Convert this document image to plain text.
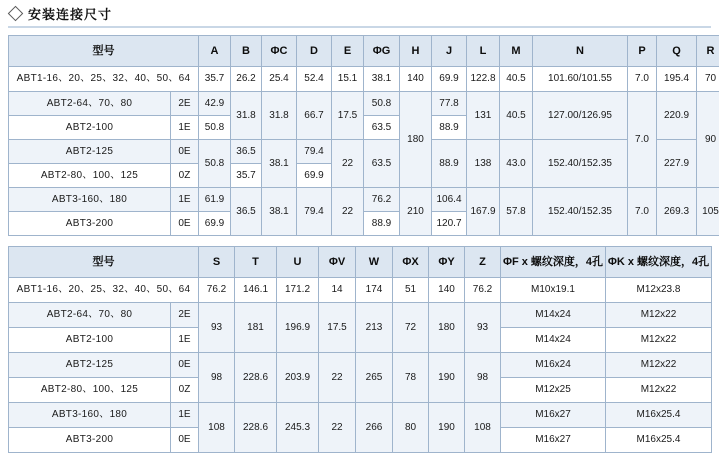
安装连接尺寸
型号		A	B	ΦC	D	E	ΦG	H	J	L	M	N	P	Q	R
ABT1-16、20、25、32、40、50、64		35.7	26.2	25.4	52.4	15.1	38.1	140	69.9	122.8	40.5	101.60/101.55	7.0	195.4	70
ABT2-64、70、80	2E	42.9	31.8	31.8	66.7	17.5	50.8	180	77.8	131	40.5	127.00/126.95	7.0	220.9	90
ABT2-100	1E	50.8					63.5		88.9						
ABT2-125	0E	50.8	36.5	38.1	79.4	22	63.5		88.9	138	43.0	152.40/152.35		227.9	
ABT2-80、100、125	0Z		35.7		69.9										
ABT3-160、180	1E	61.9	36.5	38.1	79.4	22	76.2	210	106.4	167.9	57.8	152.40/152.35	7.0	269.3	105
ABT3-200	0E	69.9					88.9		120.7						
型号		S	T	U	ΦV	W	ΦX	ΦY	Z	ΦF x 螺纹深度，4孔	ΦK x 螺纹深度，4孔
ABT1-16、20、25、32、40、50、64		76.2	146.1	171.2	14	174	51	140	76.2	M10x19.1	M12x23.8
ABT2-64、70、80	2E	93	181	196.9	17.5	213	72	180	93	M14x24	M12x22
ABT2-100	1E									M14x24	M12x22
ABT2-125	0E	98	228.6	203.9	22	265	78	190	98	M16x24	M12x22
ABT2-80、100、125	0Z									M12x25	M12x22
ABT3-160、180	1E	108	228.6	245.3	22	266	80	190	108	M16x27	M16x25.4
ABT3-200	0E									M16x27	M16x25.4
